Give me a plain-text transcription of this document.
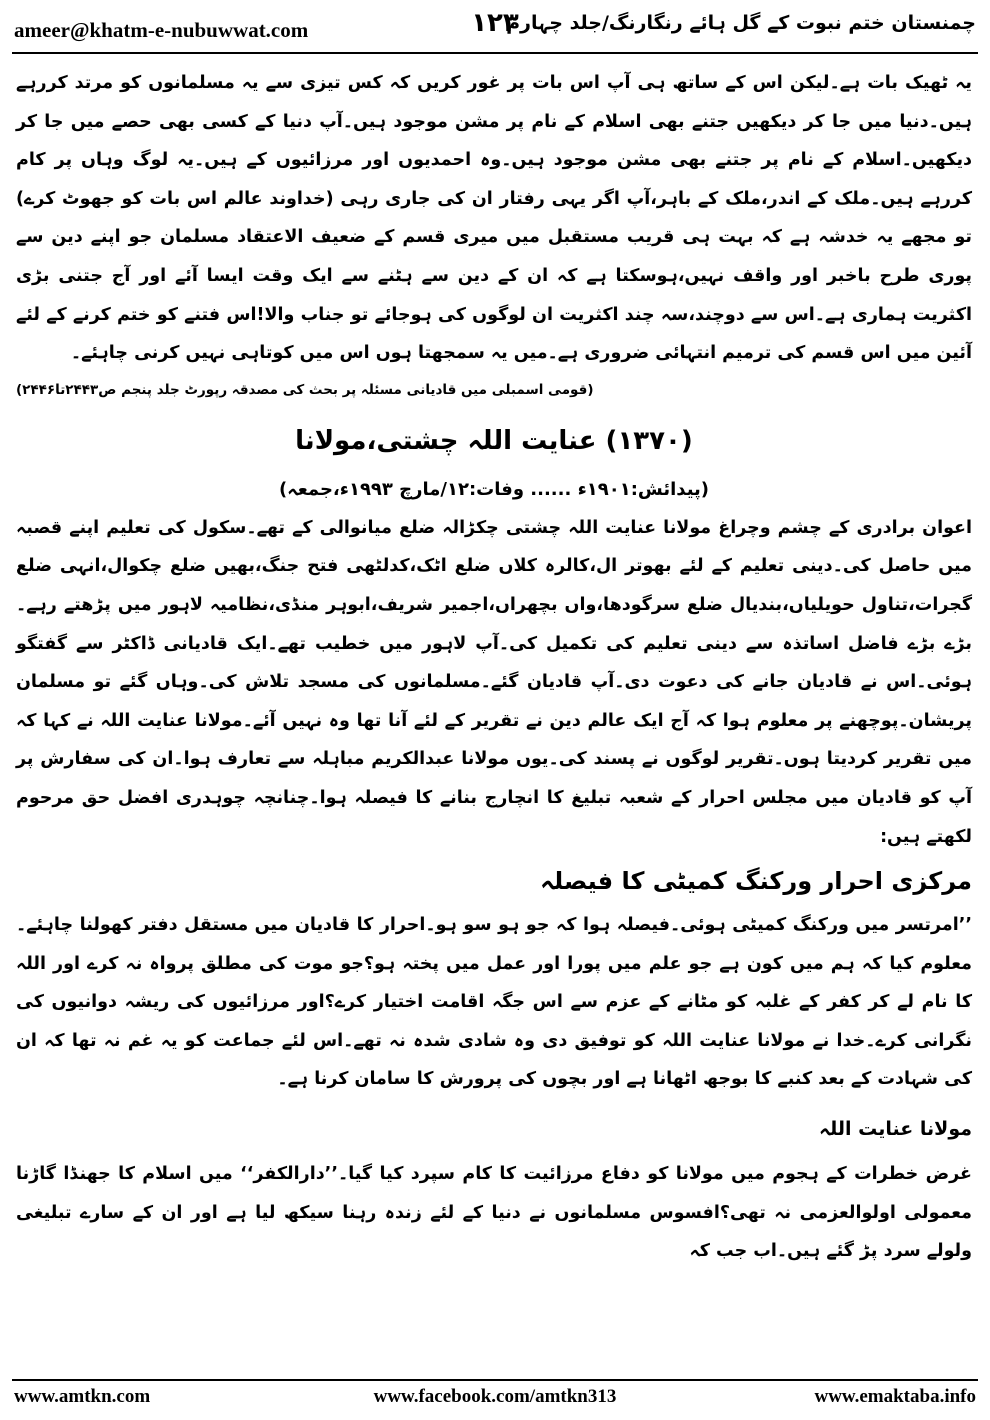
ameer@khatm-e-nubuwwat.com	۱۲۳
چمنستان ختم نبوت کے گل ہائے رنگارنگ/جلد چہارم

یہ ٹھیک بات ہے۔لیکن اس کے ساتھ ہی آپ اس بات پر غور کریں کہ کس تیزی سے یہ مسلمانوں کو مرتد کررہے ہیں۔دنیا میں جا کر دیکھیں جتنے بھی اسلام کے نام پر مشن موجود ہیں۔آپ دنیا کے کسی بھی حصے میں جا کر دیکھیں۔اسلام کے نام پر جتنے بھی مشن موجود ہیں۔وہ احمدیوں اور مرزائیوں کے ہیں۔یہ لوگ وہاں پر کام کررہے ہیں۔ملک کے اندر،ملک کے باہر،آپ اگر یہی رفتار ان کی جاری رہی (خداوند عالم اس بات کو جھوٹ کرے) تو مجھے یہ خدشہ ہے کہ بہت ہی قریب مستقبل میں میری قسم کے ضعیف الاعتقاد مسلمان جو اپنے دین سے پوری طرح باخبر اور واقف نہیں،ہوسکتا ہے کہ ان کے دین سے ہٹنے سے ایک وقت ایسا آئے اور آج جتنی بڑی اکثریت ہماری ہے۔اس سے دوچند،سہ چند اکثریت ان لوگوں کی ہوجائے تو جناب والا!اس فتنے کو ختم کرنے کے لئے آئین میں اس قسم کی ترمیم انتہائی ضروری ہے۔میں یہ سمجھتا ہوں اس میں کوتاہی نہیں کرنی چاہئے۔

(قومی اسمبلی میں قادیانی مسئلہ پر بحث کی مصدقہ رپورٹ جلد پنجم ص۲۴۴۳تا۲۴۴۶)

(۱۳۷۰) عنایت اللہ چشتی،مولانا
(پیدائش:۱۹۰۱ء ...... وفات:۱۲/مارچ ۱۹۹۳ء،جمعہ)

اعوان برادری کے چشم وچراغ مولانا عنایت اللہ چشتی چکڑالہ ضلع میانوالی کے تھے۔سکول کی تعلیم اپنے قصبہ میں حاصل کی۔دینی تعلیم کے لئے بھوتر ال،کالرہ کلاں ضلع اٹک،کدلٹھی فتح جنگ،بھیں ضلع چکوال،انہی ضلع گجرات،تناول حویلیاں،بندیال ضلع سرگودھا،واں بچھراں،اجمیر شریف،ابوہر منڈی،نظامیہ لاہور میں پڑھتے رہے۔بڑے بڑے فاضل اساتذہ سے دینی تعلیم کی تکمیل کی۔آپ لاہور میں خطیب تھے۔ایک قادیانی ڈاکٹر سے گفتگو ہوئی۔اس نے قادیان جانے کی دعوت دی۔آپ قادیان گئے۔مسلمانوں کی مسجد تلاش کی۔وہاں گئے تو مسلمان پریشان۔پوچھنے پر معلوم ہوا کہ آج ایک عالم دین نے تقریر کے لئے آنا تھا وہ نہیں آئے۔مولانا عنایت اللہ نے کہا کہ میں تقریر کردیتا ہوں۔تقریر لوگوں نے پسند کی۔یوں مولانا عبدالکریم مباہلہ سے تعارف ہوا۔ان کی سفارش پر آپ کو قادیان میں مجلس احرار کے شعبہ تبلیغ کا انچارج بنانے کا فیصلہ ہوا۔چنانچہ چوہدری افضل حق مرحوم لکھتے ہیں:

مرکزی احرار ورکنگ کمیٹی کا فیصلہ

’’امرتسر میں ورکنگ کمیٹی ہوئی۔فیصلہ ہوا کہ جو ہو سو ہو۔احرار کا قادیان میں مستقل دفتر کھولنا چاہئے۔معلوم کیا کہ ہم میں کون ہے جو علم میں پورا اور عمل میں پختہ ہو؟جو موت کی مطلق پرواہ نہ کرے اور اللہ کا نام لے کر کفر کے غلبہ کو مٹانے کے عزم سے اس جگہ اقامت اختیار کرے؟اور مرزائیوں کی ریشہ دوانیوں کی نگرانی کرے۔خدا نے مولانا عنایت اللہ کو توفیق دی وہ شادی شدہ نہ تھے۔اس لئے جماعت کو یہ غم نہ تھا کہ ان کی شہادت کے بعد کنبے کا بوجھ اٹھانا ہے اور بچوں کی پرورش کا سامان کرنا ہے۔

مولانا عنایت اللہ

غرض خطرات کے ہجوم میں مولانا کو دفاع مرزائیت کا کام سپرد کیا گیا۔’’دارالکفر‘‘ میں اسلام کا جھنڈا گاڑنا معمولی اولوالعزمی نہ تھی؟افسوس مسلمانوں نے دنیا کے لئے زندہ رہنا سیکھ لیا ہے اور ان کے سارے تبلیغی ولولے سرد پڑ گئے ہیں۔اب جب کہ

www.amtkn.com	www.facebook.com/amtkn313	www.emaktaba.info
